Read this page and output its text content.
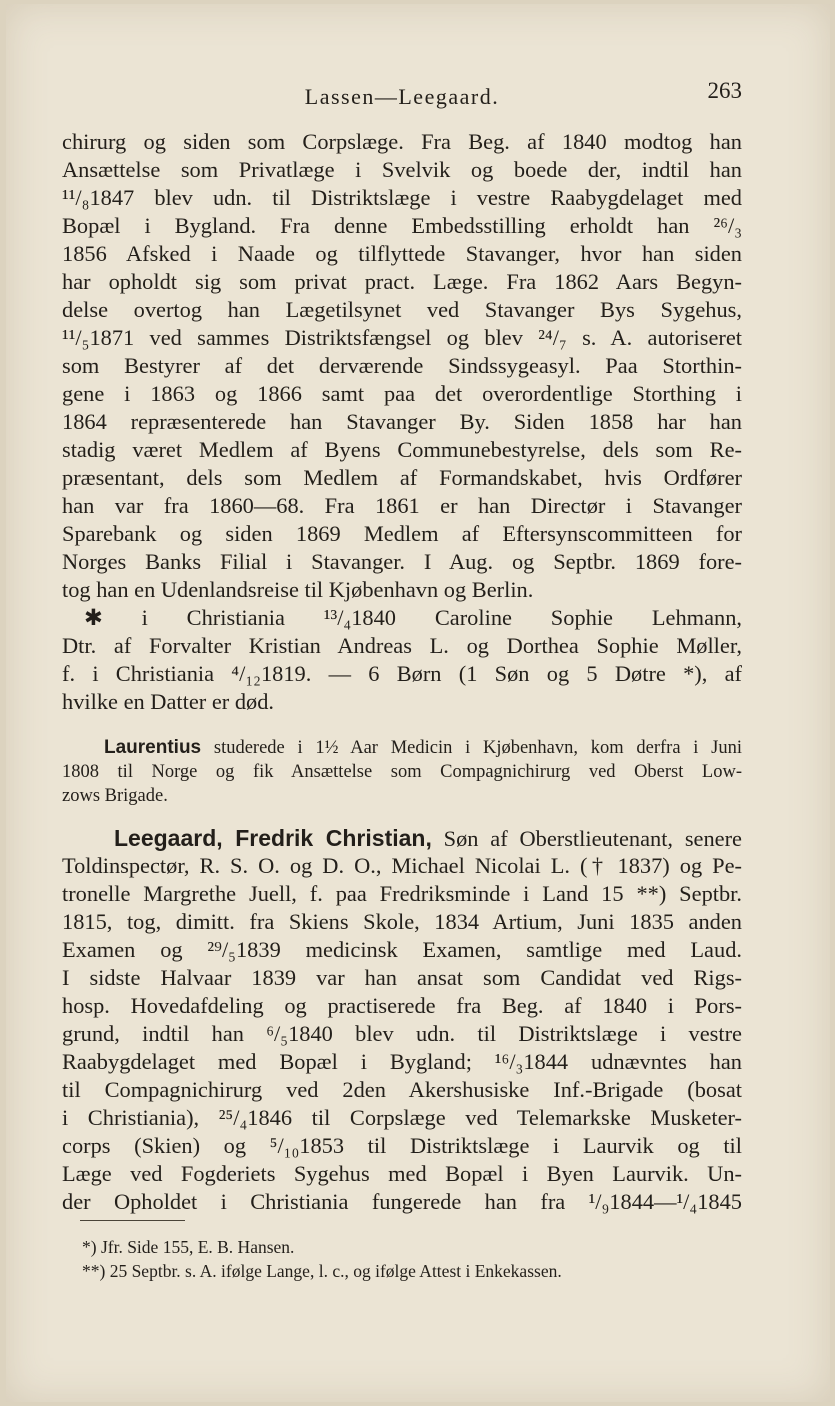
Lassen—Leegaard.	263
chirurg og siden som Corpslæge. Fra Beg. af 1840 modtog han
Ansættelse som Privatlæge i Svelvik og boede der, indtil han
¹¹/₈1847 blev udn. til Distriktslæge i vestre Raabygdelaget med
Bopæl i Bygland. Fra denne Embedsstilling erholdt han ²⁶/₃
1856 Afsked i Naade og tilflyttede Stavanger, hvor han siden
har opholdt sig som privat pract. Læge. Fra 1862 Aars Begyn-
delse overtog han Lægetilsynet ved Stavanger Bys Sygehus,
¹¹/₅1871 ved sammes Distriktsfængsel og blev ²⁴/₇ s. A. autoriseret
som Bestyrer af det derværende Sindssygeasyl. Paa Storthin-
gene i 1863 og 1866 samt paa det overordentlige Storthing i
1864 repræsenterede han Stavanger By. Siden 1858 har han
stadig været Medlem af Byens Communebestyrelse, dels som Re-
præsentant, dels som Medlem af Formandskabet, hvis Ordfører
han var fra 1860—68. Fra 1861 er han Directør i Stavanger
Sparebank og siden 1869 Medlem af Eftersynscommitteen for
Norges Banks Filial i Stavanger. I Aug. og Septbr. 1869 fore-
tog han en Udenlandsreise til Kjøbenhavn og Berlin.
✱ i Christiania ¹³/₄1840 Caroline Sophie Lehmann,
Dtr. af Forvalter Kristian Andreas L. og Dorthea Sophie Møller,
f. i Christiania ⁴/₁₂1819. — 6 Børn (1 Søn og 5 Døtre *), af
hvilke en Datter er død.
Laurentius studerede i 1½ Aar Medicin i Kjøbenhavn, kom derfra i Juni
1808 til Norge og fik Ansættelse som Compagnichirurg ved Oberst Low-
zows Brigade.
Leegaard, Fredrik Christian, Søn af Oberstlieutenant, senere
Toldinspectør, R. S. O. og D. O., Michael Nicolai L. († 1837) og Pe-
tronelle Margrethe Juell, f. paa Fredriksminde i Land 15 **) Septbr.
1815, tog, dimitt. fra Skiens Skole, 1834 Artium, Juni 1835 anden
Examen og ²⁹/₅1839 medicinsk Examen, samtlige med Laud.
I sidste Halvaar 1839 var han ansat som Candidat ved Rigs-
hosp. Hovedafdeling og practiserede fra Beg. af 1840 i Pors-
grund, indtil han ⁶/₅1840 blev udn. til Distriktslæge i vestre
Raabygdelaget med Bopæl i Bygland; ¹⁶/₃1844 udnævntes han
til Compagnichirurg ved 2den Akershusiske Inf.-Brigade (bosat
i Christiania), ²⁵/₄1846 til Corpslæge ved Telemarkske Musketer-
corps (Skien) og ⁵/₁₀1853 til Distriktslæge i Laurvik og til
Læge ved Fogderiets Sygehus med Bopæl i Byen Laurvik. Un-
der Opholdet i Christiania fungerede han fra ¹/₉1844—¹/₄1845
*) Jfr. Side 155, E. B. Hansen.
**) 25 Septbr. s. A. ifølge Lange, l. c., og ifølge Attest i Enkekassen.
